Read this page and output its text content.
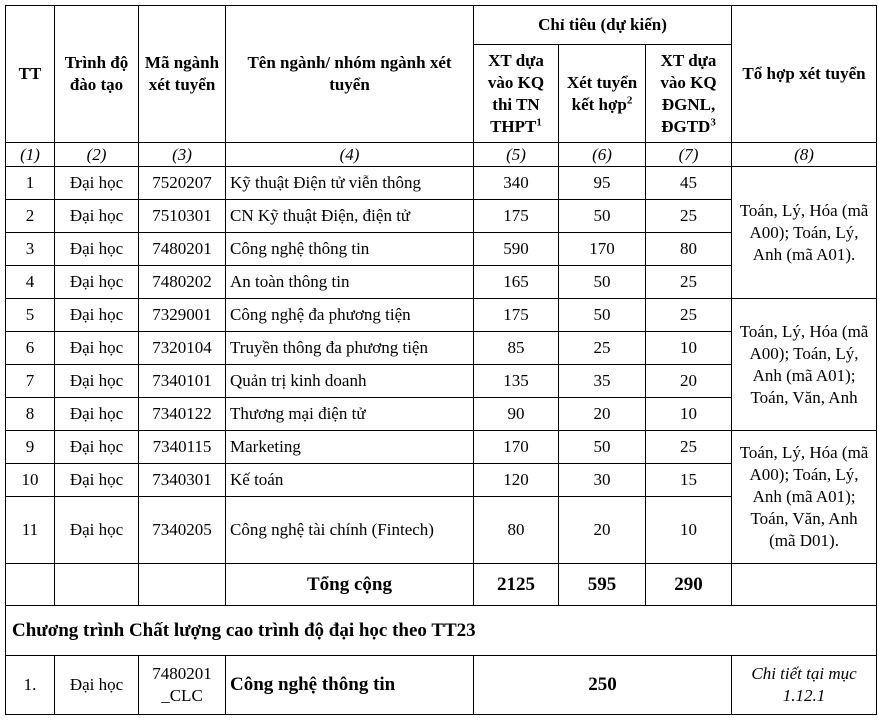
TT	Trình độ đào tạo	Mã ngành xét tuyển	Tên ngành/ nhóm ngành xét tuyển	Chỉ tiêu (dự kiến)			Tổ hợp xét tuyển
				XT dựa vào KQ thi TN THPT$^1$	Xét tuyển kết hợp$^2$	XT dựa vào KQ ĐGNL, ĐGTD$^3$
(1)	(2)	(3)	(4)	(5)	(6)	(7)	(8)
1	Đại học	7520207	Kỹ thuật Điện tử viễn thông	340	95	45	Toán, Lý, Hóa (mã A00); Toán, Lý, Anh (mã A01).
2	Đại học	7510301	CN Kỹ thuật Điện, điện tử	175	50	25	
3	Đại học	7480201	Công nghệ thông tin	590	170	80	
4	Đại học	7480202	An toàn thông tin	165	50	25	
5	Đại học	7329001	Công nghệ đa phương tiện	175	50	25	Toán, Lý, Hóa (mã A00); Toán, Lý, Anh (mã A01); Toán, Văn, Anh
6	Đại học	7320104	Truyền thông đa phương tiện	85	25	10	
7	Đại học	7340101	Quản trị kinh doanh	135	35	20	
8	Đại học	7340122	Thương mại điện tử	90	20	10	
9	Đại học	7340115	Marketing	170	50	25	Toán, Lý, Hóa (mã A00); Toán, Lý, Anh (mã A01); Toán, Văn, Anh (mã D01).
10	Đại học	7340301	Kế toán	120	30	15	
11	Đại học	7340205	Công nghệ tài chính (Fintech)	80	20	10	
			Tổng cộng	2125	595	290	
Chương trình Chất lượng cao trình độ đại học theo TT23							
1.	Đại học	7480201 _CLC	Công nghệ thông tin	250			Chi tiết tại mục 1.12.1
